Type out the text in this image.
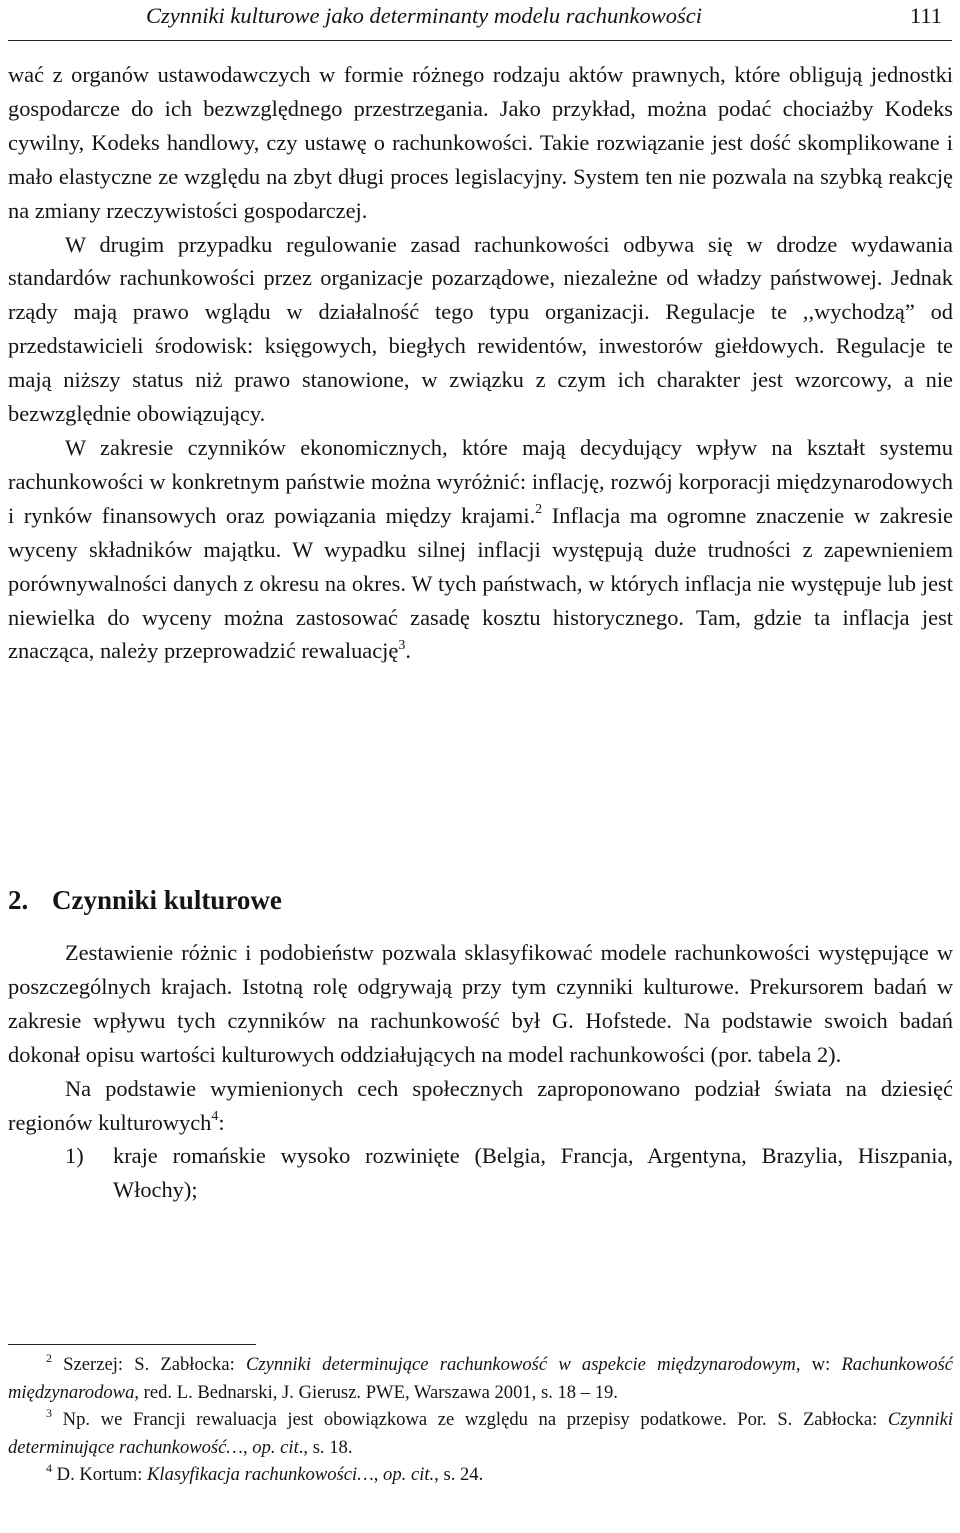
Czynniki kulturowe jako determinanty modelu rachunkowości	111

wać z organów ustawodawczych w formie różnego rodzaju aktów prawnych, które obligują jednostki gospodarcze do ich bezwzględnego przestrzegania. Jako przykład, można podać chociażby Kodeks cywilny, Kodeks handlowy, czy ustawę o rachunkowości. Takie rozwiązanie jest dość skomplikowane i mało elastyczne ze względu na zbyt długi proces legislacyjny. System ten nie pozwala na szybką reakcję na zmiany rzeczywistości gospodarczej.

W drugim przypadku regulowanie zasad rachunkowości odbywa się w drodze wydawania standardów rachunkowości przez organizacje pozarządowe, niezależne od władzy państwowej. Jednak rządy mają prawo wglądu w działalność tego typu organizacji. Regulacje te ,,wychodzą” od przedstawicieli środowisk: księgowych, biegłych rewidentów, inwestorów giełdowych. Regulacje te mają niższy status niż prawo stanowione, w związku z czym ich charakter jest wzorcowy, a nie bezwzględnie obowiązujący.

W zakresie czynników ekonomicznych, które mają decydujący wpływ na kształt systemu rachunkowości w konkretnym państwie można wyróżnić: inflację, rozwój korporacji międzynarodowych i rynków finansowych oraz powiązania między krajami.$^2$ Inflacja ma ogromne znaczenie w zakresie wyceny składników majątku. W wypadku silnej inflacji występują duże trudności z zapewnieniem porównywalności danych z okresu na okres. W tych państwach, w których inflacja nie występuje lub jest niewielka do wyceny można zastosować zasadę kosztu historycznego. Tam, gdzie ta inflacja jest znacząca, należy przeprowadzić rewaluację$^3$.

2. Czynniki kulturowe

Zestawienie różnic i podobieństw pozwala sklasyfikować modele rachunkowości występujące w poszczególnych krajach. Istotną rolę odgrywają przy tym czynniki kulturowe. Prekursorem badań w zakresie wpływu tych czynników na rachunkowość był G. Hofstede. Na podstawie swoich badań dokonał opisu wartości kulturowych oddziałujących na model rachunkowości (por. tabela 2).

Na podstawie wymienionych cech społecznych zaproponowano podział świata na dziesięć regionów kulturowych$^4$:

1) kraje romańskie wysoko rozwinięte (Belgia, Francja, Argentyna, Brazylia, Hiszpania, Włochy);

$^2$ Szerzej: S. Zabłocka: Czynniki determinujące rachunkowość w aspekcie międzynarodowym, w: Rachunkowość międzynarodowa, red. L. Bednarski, J. Gierusz. PWE, Warszawa 2001, s. 18 – 19.

$^3$ Np. we Francji rewaluacja jest obowiązkowa ze względu na przepisy podatkowe. Por. S. Zabłocka: Czynniki determinujące rachunkowość…, op. cit., s. 18.

$^4$ D. Kortum: Klasyfikacja rachunkowości…, op. cit., s. 24.
